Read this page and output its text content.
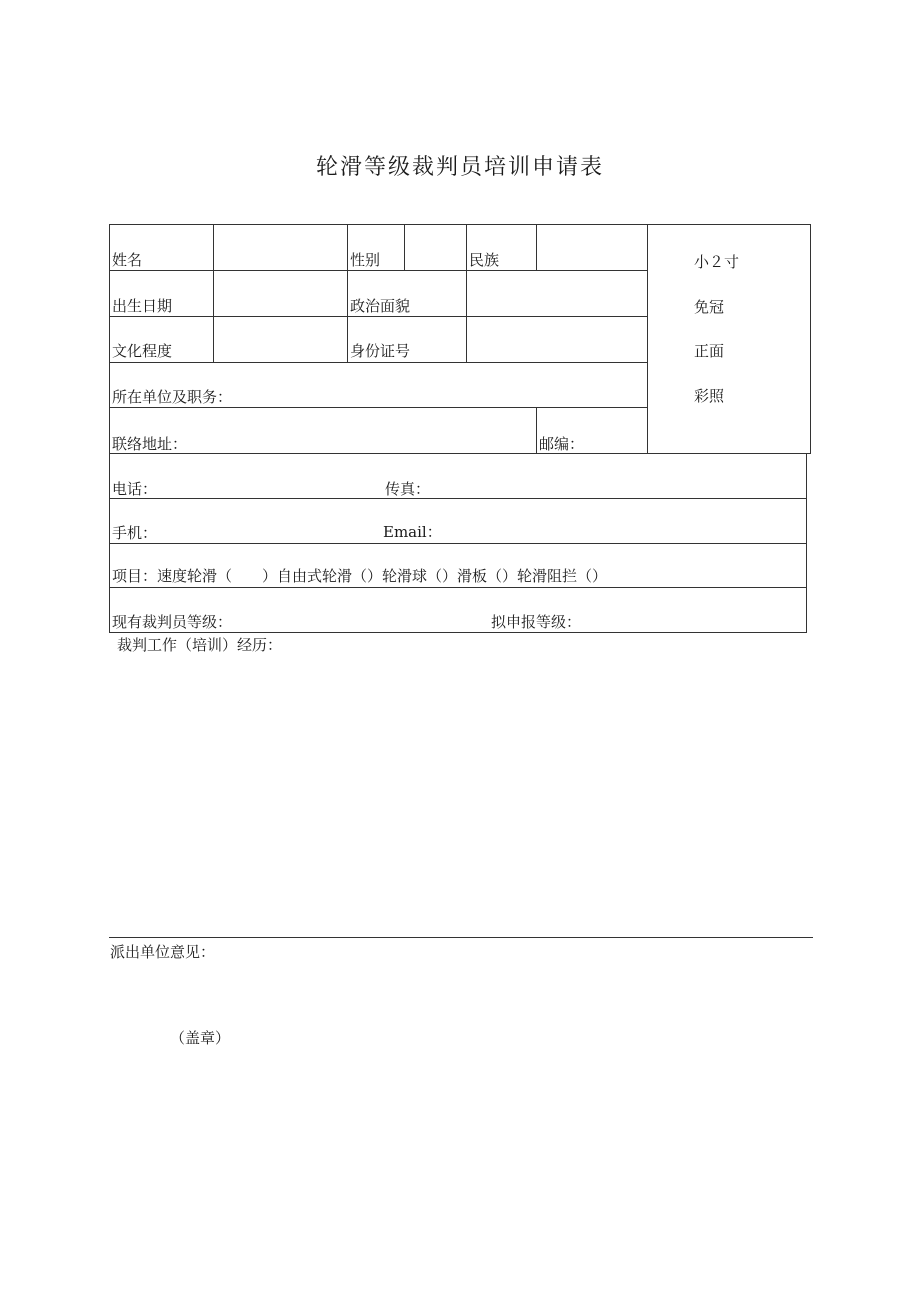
轮滑等级裁判员培训申请表
姓名	性别	民族
出生日期	政治面貌
文化程度	身份证号
所在单位及职务：
联络地址：	邮编：
小２寸
免冠
正面
彩照
电话：	传真：
手机：	Email：
项目：速度轮滑（　　）自由式轮滑（）轮滑球（）滑板（）轮滑阻拦（）
现有裁判员等级：	拟申报等级：
裁判工作（培训）经历：
派出单位意见：
（盖章）
